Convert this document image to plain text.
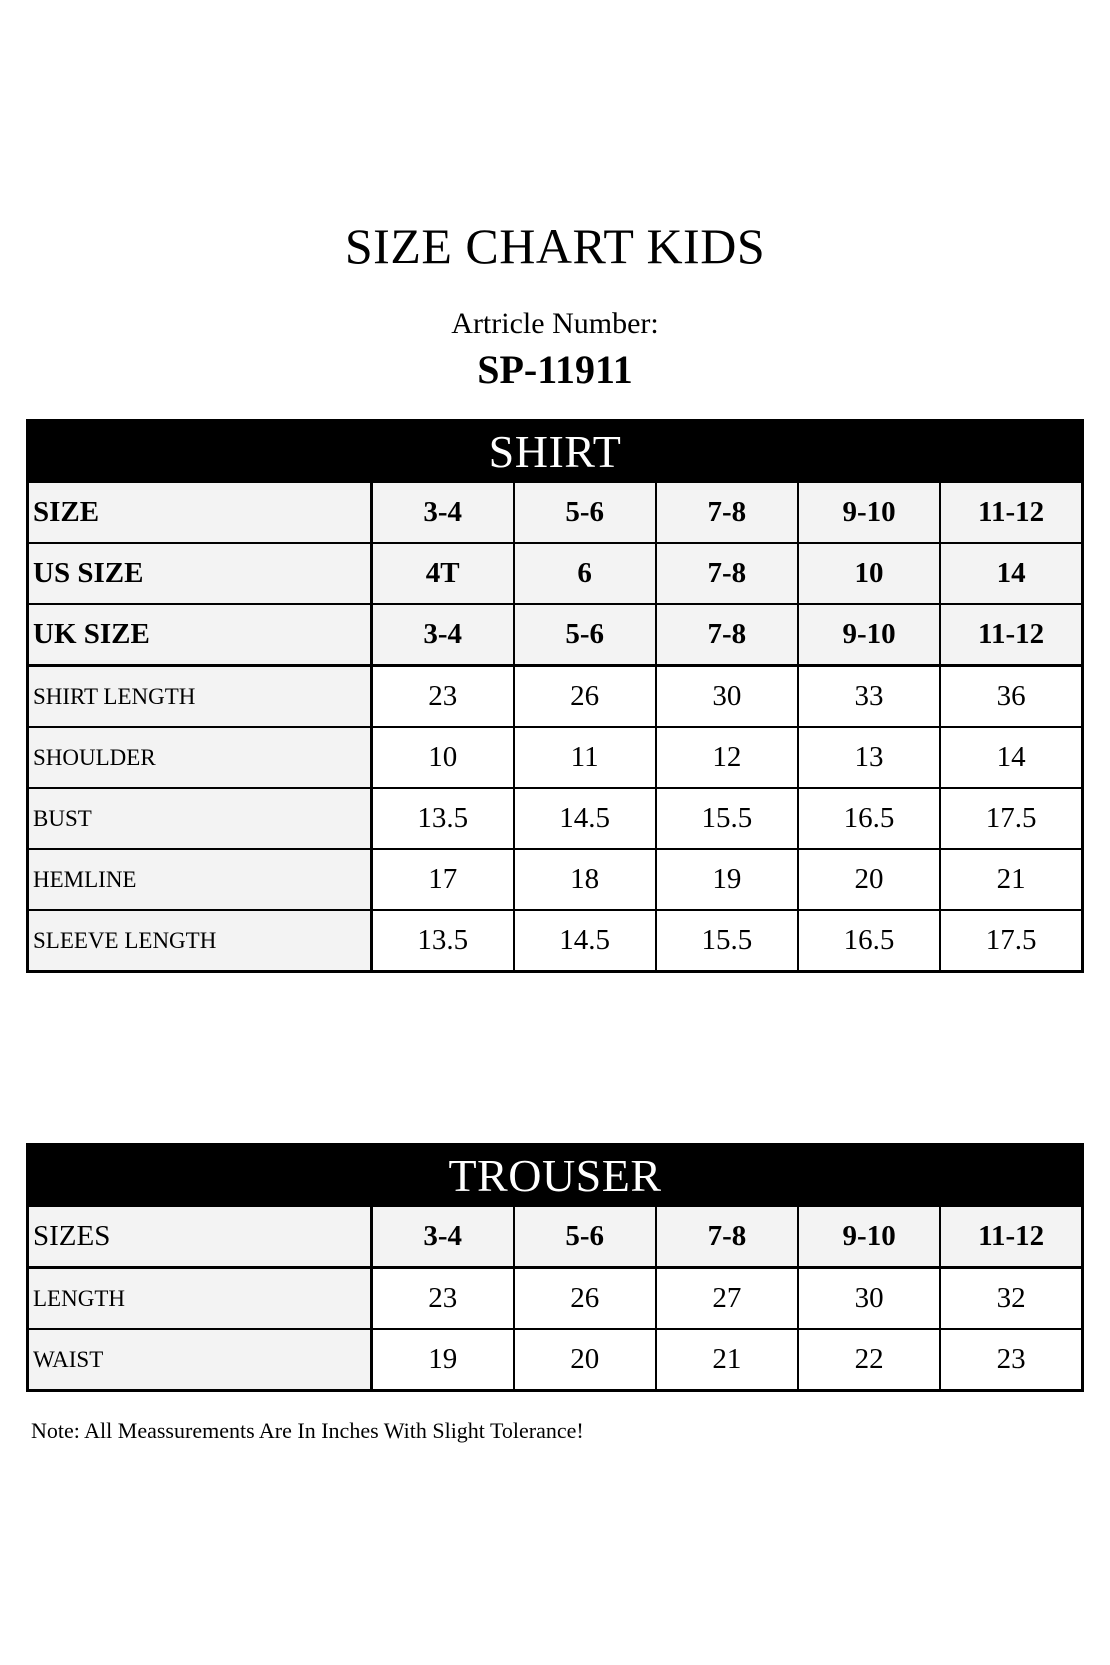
SIZE CHART KIDS
Artricle Number:
SP-11911
SHIRT					
SIZE	3-4	5-6	7-8	9-10	11-12
US SIZE	4T	6	7-8	10	14
UK SIZE	3-4	5-6	7-8	9-10	11-12
SHIRT LENGTH	23	26	30	33	36
SHOULDER	10	11	12	13	14
BUST	13.5	14.5	15.5	16.5	17.5
HEMLINE	17	18	19	20	21
SLEEVE LENGTH	13.5	14.5	15.5	16.5	17.5
TROUSER					
SIZES	3-4	5-6	7-8	9-10	11-12
LENGTH	23	26	27	30	32
WAIST	19	20	21	22	23
Note: All Meassurements Are In Inches With Slight Tolerance!
